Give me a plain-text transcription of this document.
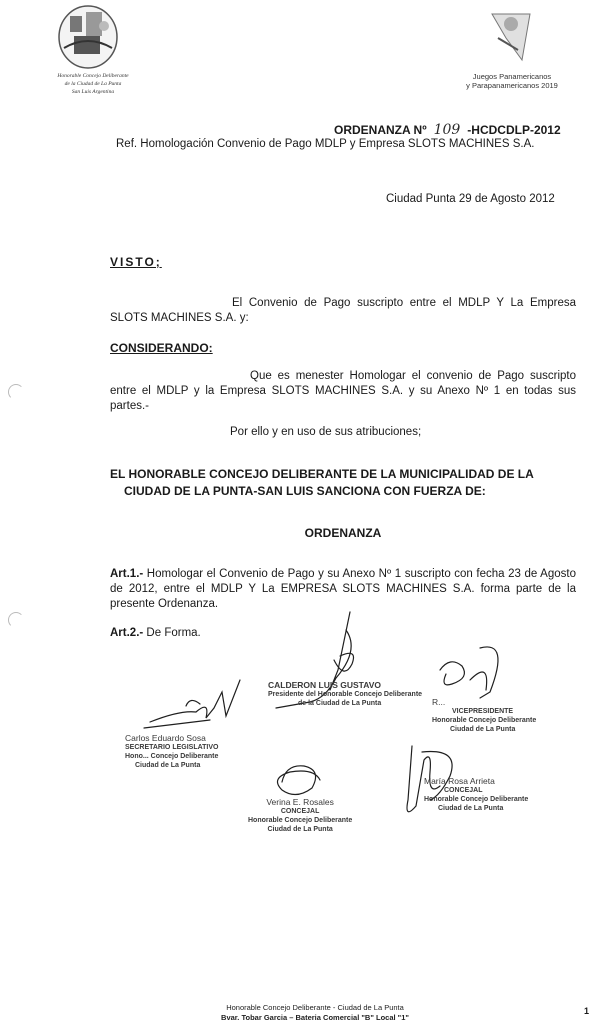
Honorable Concejo Deliberante
de la Ciudad de La Punta
San Luis Argentina
Juegos Panamericanos
y Parapanamericanos 2019
ORDENANZA Nº 109 -HCDCDLP-2012
Ref. Homologación Convenio de Pago MDLP y Empresa SLOTS MACHINES S.A.
Ciudad Punta 29 de Agosto 2012
VISTO;
El Convenio de Pago suscripto entre el MDLP Y La Empresa SLOTS MACHINES S.A. y:
CONSIDERANDO:
Que es menester Homologar el convenio de Pago suscripto entre el MDLP y la Empresa SLOTS MACHINES S.A. y su Anexo Nº 1 en todas sus partes.-
Por ello y en uso de sus atribuciones;
EL HONORABLE CONCEJO DELIBERANTE DE LA MUNICIPALIDAD DE LA
CIUDAD DE LA PUNTA-SAN LUIS SANCIONA CON FUERZA DE:
ORDENANZA
Art.1.- Homologar el Convenio de Pago y su Anexo Nº 1 suscripto con fecha 23 de Agosto de 2012, entre el MDLP Y La EMPRESA SLOTS MACHINES S.A. forma parte de la presente Ordenanza.
Art.2.- De Forma.
CALDERON LUIS GUSTAVO
Presidente del Honorable Concejo Deliberante
de la Ciudad de La Punta	R...
VICEPRESIDENTE
Honorable Concejo Deliberante
Ciudad de La Punta
Carlos Eduardo Sosa
SECRETARIO LEGISLATIVO
Hono... Concejo Deliberante
Ciudad de La Punta
Verina E. Rosales
CONCEJAL
Honorable Concejo Deliberante
Ciudad de La Punta
María Rosa Arrieta
CONCEJAL
Honorable Concejo Deliberante
Ciudad de La Punta
Honorable Concejo Deliberante - Ciudad de La Punta
Bvar. Tobar Garcia – Bateria Comercial "B" Local "1"
1
